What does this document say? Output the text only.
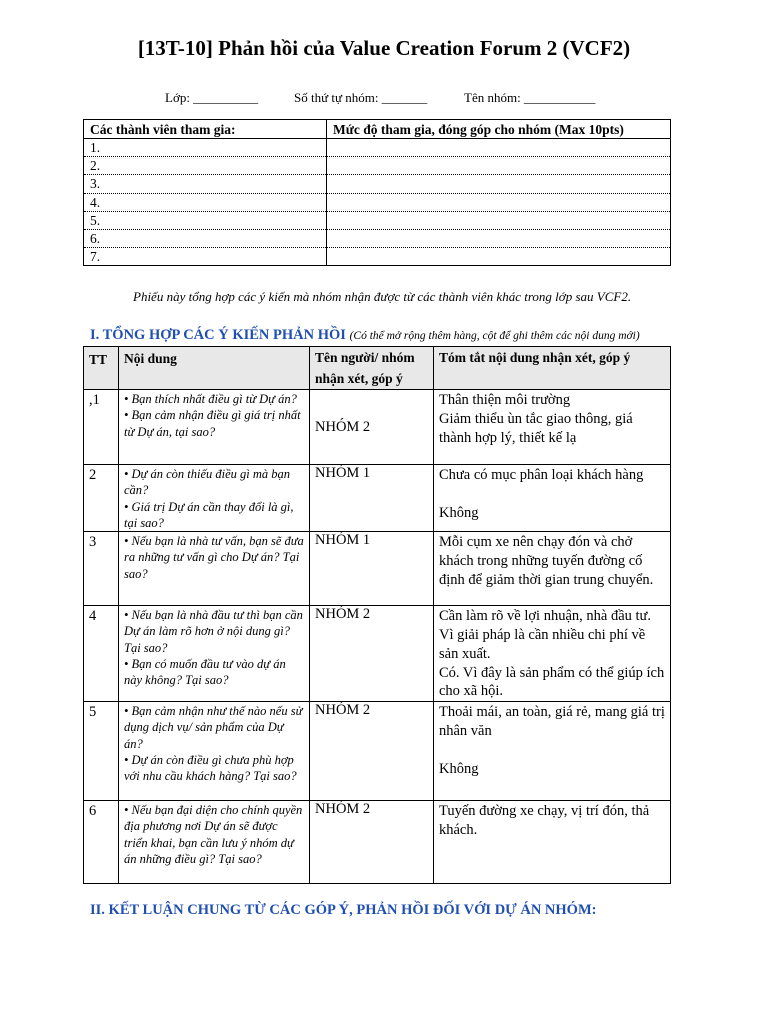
[13T-10] Phản hồi của Value Creation Forum 2 (VCF2)
Lớp: __________	Số thứ tự nhóm: _______	Tên nhóm: ___________
Các thành viên tham gia:	Mức độ tham gia, đóng góp cho nhóm (Max 10pts)
1.	
2.	
3.	
4.	
5.	
6.	
7.	
Phiếu này tổng hợp các ý kiến mà nhóm nhận được từ các thành viên khác trong lớp sau VCF2.
I. TỔNG HỢP CÁC Ý KIẾN PHẢN HỒI (Có thể mở rộng thêm hàng, cột để ghi thêm các nội dung mới)
TT	Nội dung	Tên người/ nhóm nhận xét, góp ý	Tóm tắt nội dung nhận xét, góp ý
,1	• Bạn thích nhất điều gì từ Dự án?
• Bạn cảm nhận điều gì giá trị nhất từ Dự án, tại sao?	NHÓM 2	Thân thiện môi trường
Giảm thiểu ùn tắc giao thông, giá thành hợp lý, thiết kế lạ

2	• Dự án còn thiếu điều gì mà bạn cần?
• Giá trị Dự án cần thay đổi là gì, tại sao?	NHÓM 1	Chưa có mục phân loại khách hàng
Không

3	• Nếu bạn là nhà tư vấn, bạn sẽ đưa ra những tư vấn gì cho Dự án? Tại sao?	NHÓM 1	Mỗi cụm xe nên chạy đón và chở khách trong những tuyến đường cố định để giảm thời gian trung chuyển.

4	• Nếu bạn là nhà đầu tư thì bạn cần Dự án làm rõ hơn ở nội dung gì? Tại sao?
• Bạn có muốn đầu tư vào dự án này không? Tại sao?	NHÓM 2	Cần làm rõ về lợi nhuận, nhà đầu tư. Vì giải pháp là cần nhiều chi phí về sản xuất.
Có. Vì đây là sản phẩm có thể giúp ích cho xã hội.

5	• Bạn cảm nhận như thế nào nếu sử dụng dịch vụ/ sản phẩm của Dự án?
• Dự án còn điều gì chưa phù hợp với nhu cầu khách hàng? Tại sao?	NHÓM 2	Thoải mái, an toàn, giá rẻ, mang giá trị nhân văn
Không

6	• Nếu bạn đại diện cho chính quyền địa phương nơi Dự án sẽ được triển khai, bạn cần lưu ý nhóm dự án những điều gì? Tại sao?	NHÓM 2	Tuyến đường xe chạy, vị trí đón, thả khách.
II. KẾT LUẬN CHUNG TỪ CÁC GÓP Ý, PHẢN HỒI ĐỐI VỚI DỰ ÁN NHÓM:
